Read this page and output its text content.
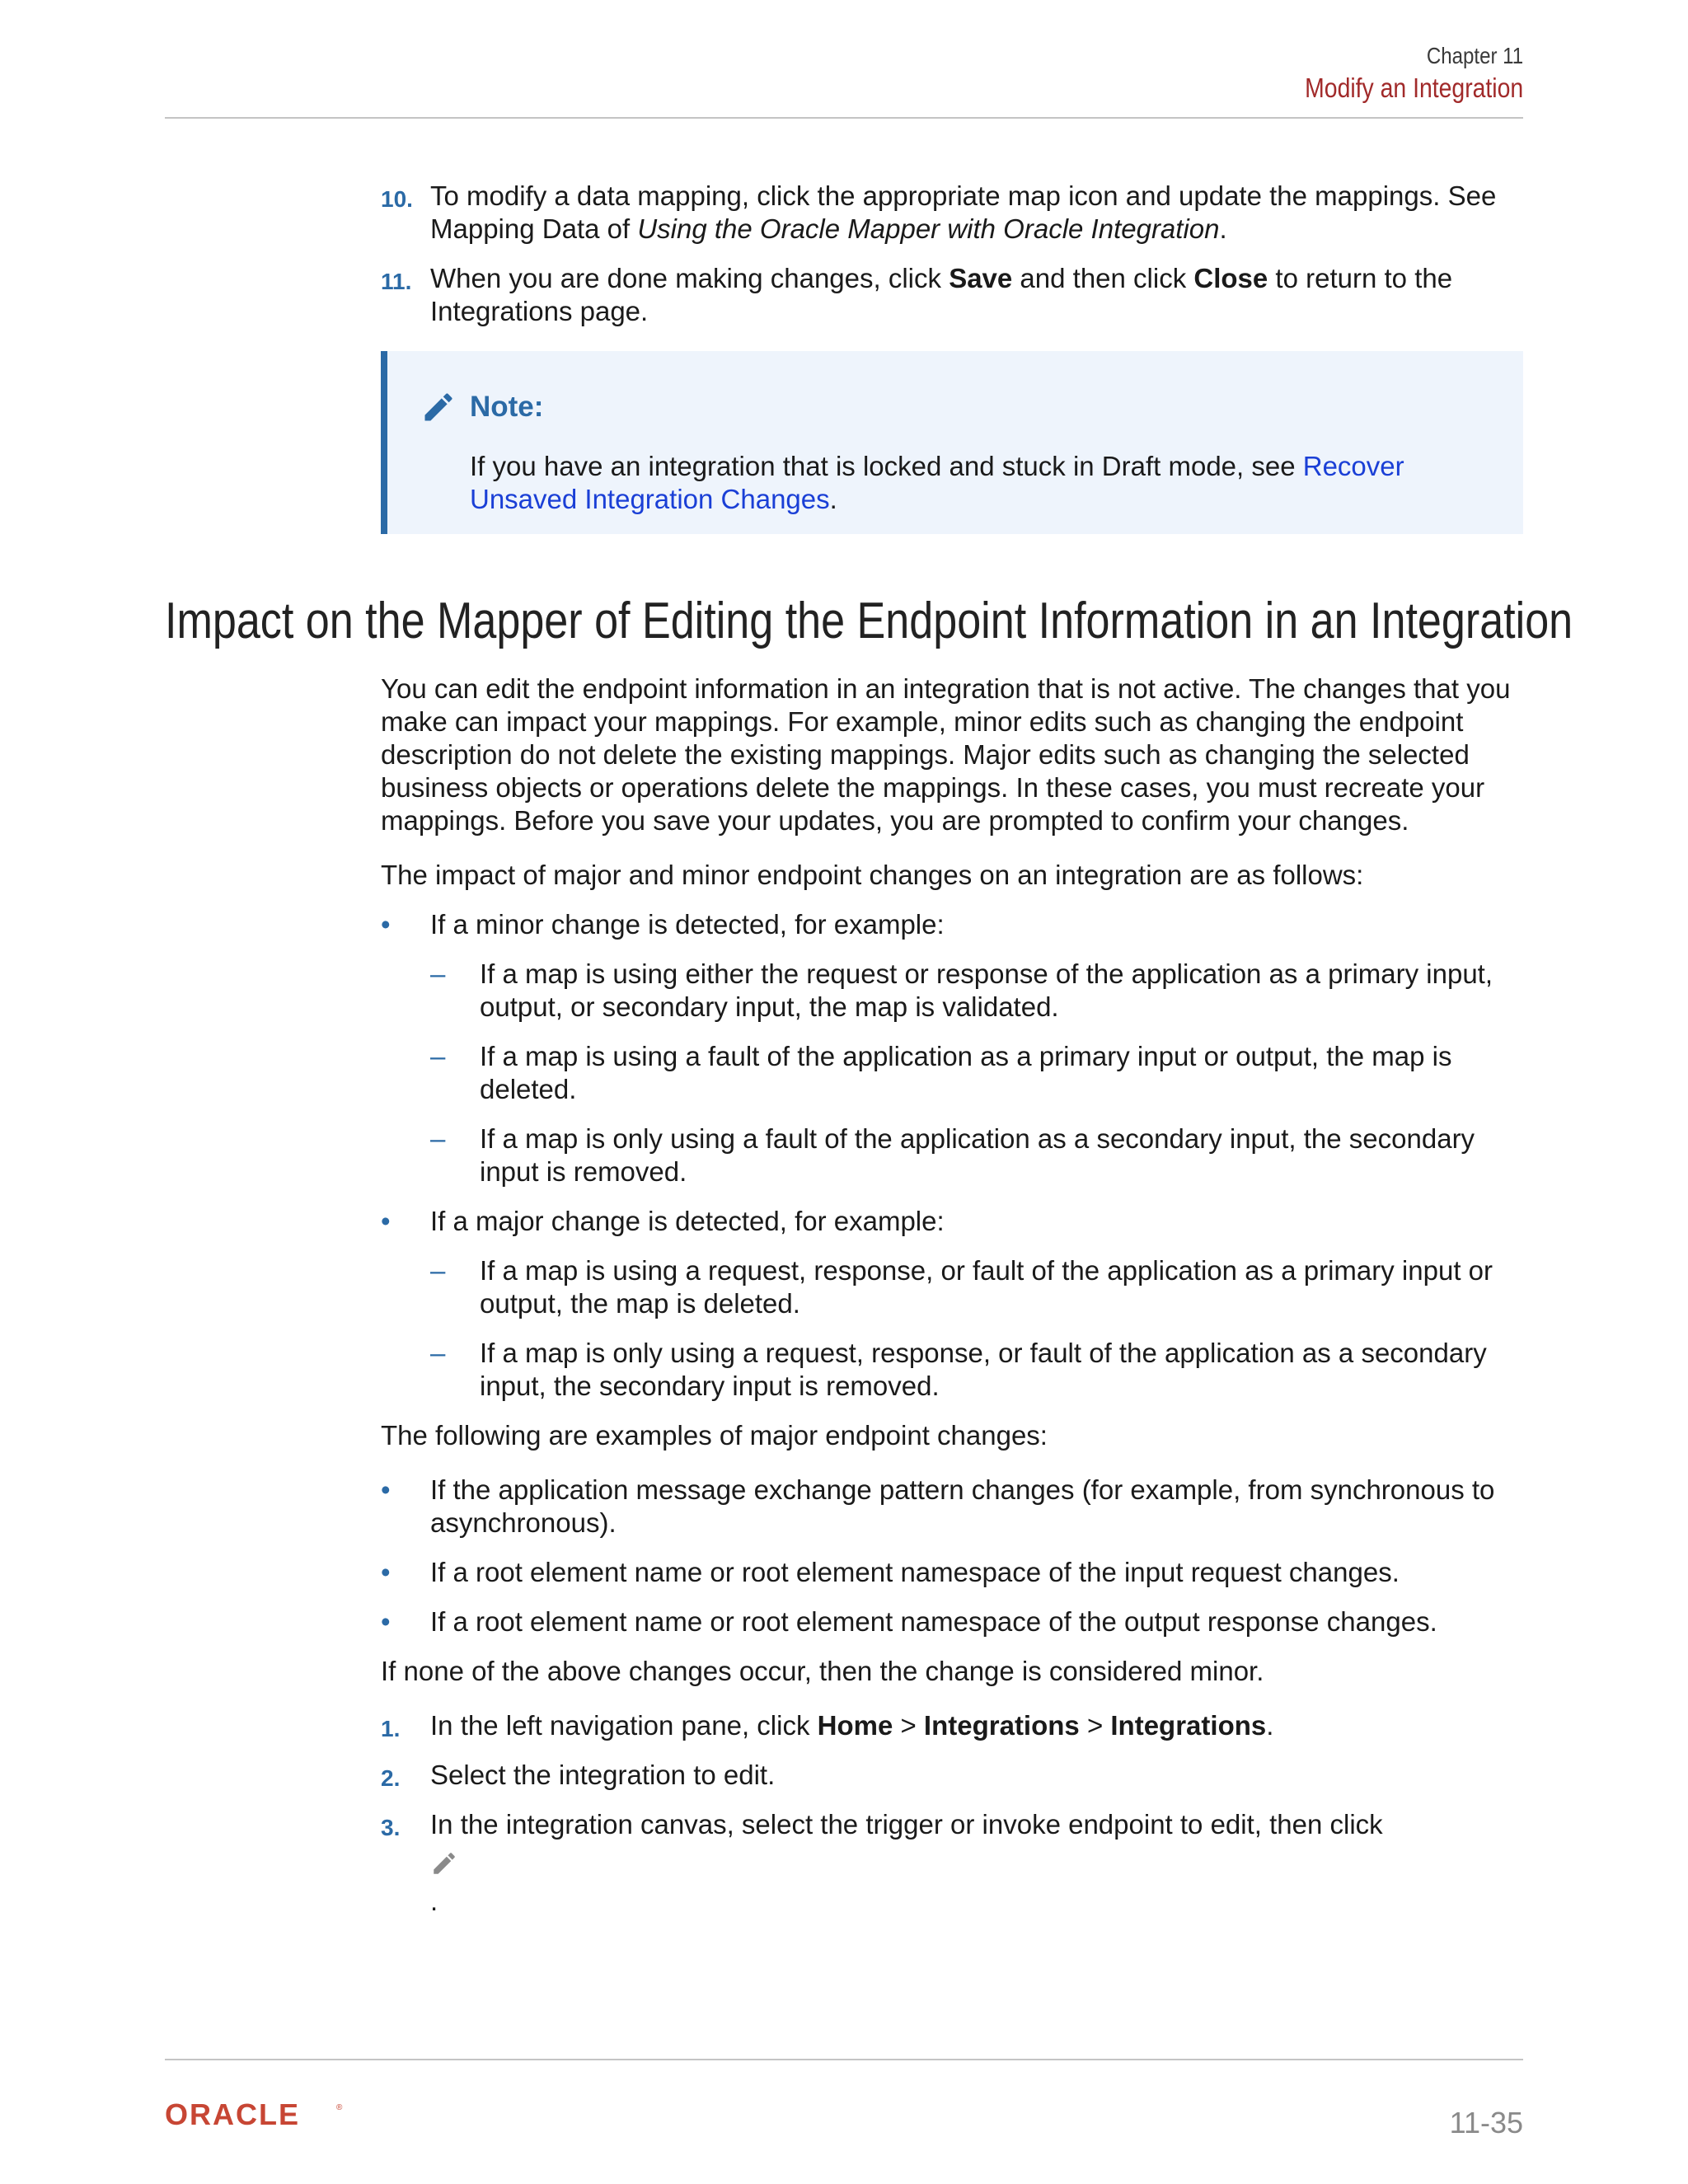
Chapter 11
Modify an Integration
10. To modify a data mapping, click the appropriate map icon and update the mappings. See Mapping Data of Using the Oracle Mapper with Oracle Integration.
11. When you are done making changes, click Save and then click Close to return to the Integrations page.
Note:
If you have an integration that is locked and stuck in Draft mode, see Recover Unsaved Integration Changes.
Impact on the Mapper of Editing the Endpoint Information in an Integration

You can edit the endpoint information in an integration that is not active. The changes that you make can impact your mappings. For example, minor edits such as changing the endpoint description do not delete the existing mappings. Major edits such as changing the selected business objects or operations delete the mappings. In these cases, you must recreate your mappings. Before you save your updates, you are prompted to confirm your changes.

The impact of major and minor endpoint changes on an integration are as follows:

• If a minor change is detected, for example:
– If a map is using either the request or response of the application as a primary input, output, or secondary input, the map is validated.
– If a map is using a fault of the application as a primary input or output, the map is deleted.
– If a map is only using a fault of the application as a secondary input, the secondary input is removed.
• If a major change is detected, for example:
– If a map is using a request, response, or fault of the application as a primary input or output, the map is deleted.
– If a map is only using a request, response, or fault of the application as a secondary input, the secondary input is removed.

The following are examples of major endpoint changes:

• If the application message exchange pattern changes (for example, from synchronous to asynchronous).
• If a root element name or root element namespace of the input request changes.
• If a root element name or root element namespace of the output response changes.

If none of the above changes occur, then the change is considered minor.

1. In the left navigation pane, click Home > Integrations > Integrations.
2. Select the integration to edit.
3. In the integration canvas, select the trigger or invoke endpoint to edit, then click
.
ORACLE	®	11-35
